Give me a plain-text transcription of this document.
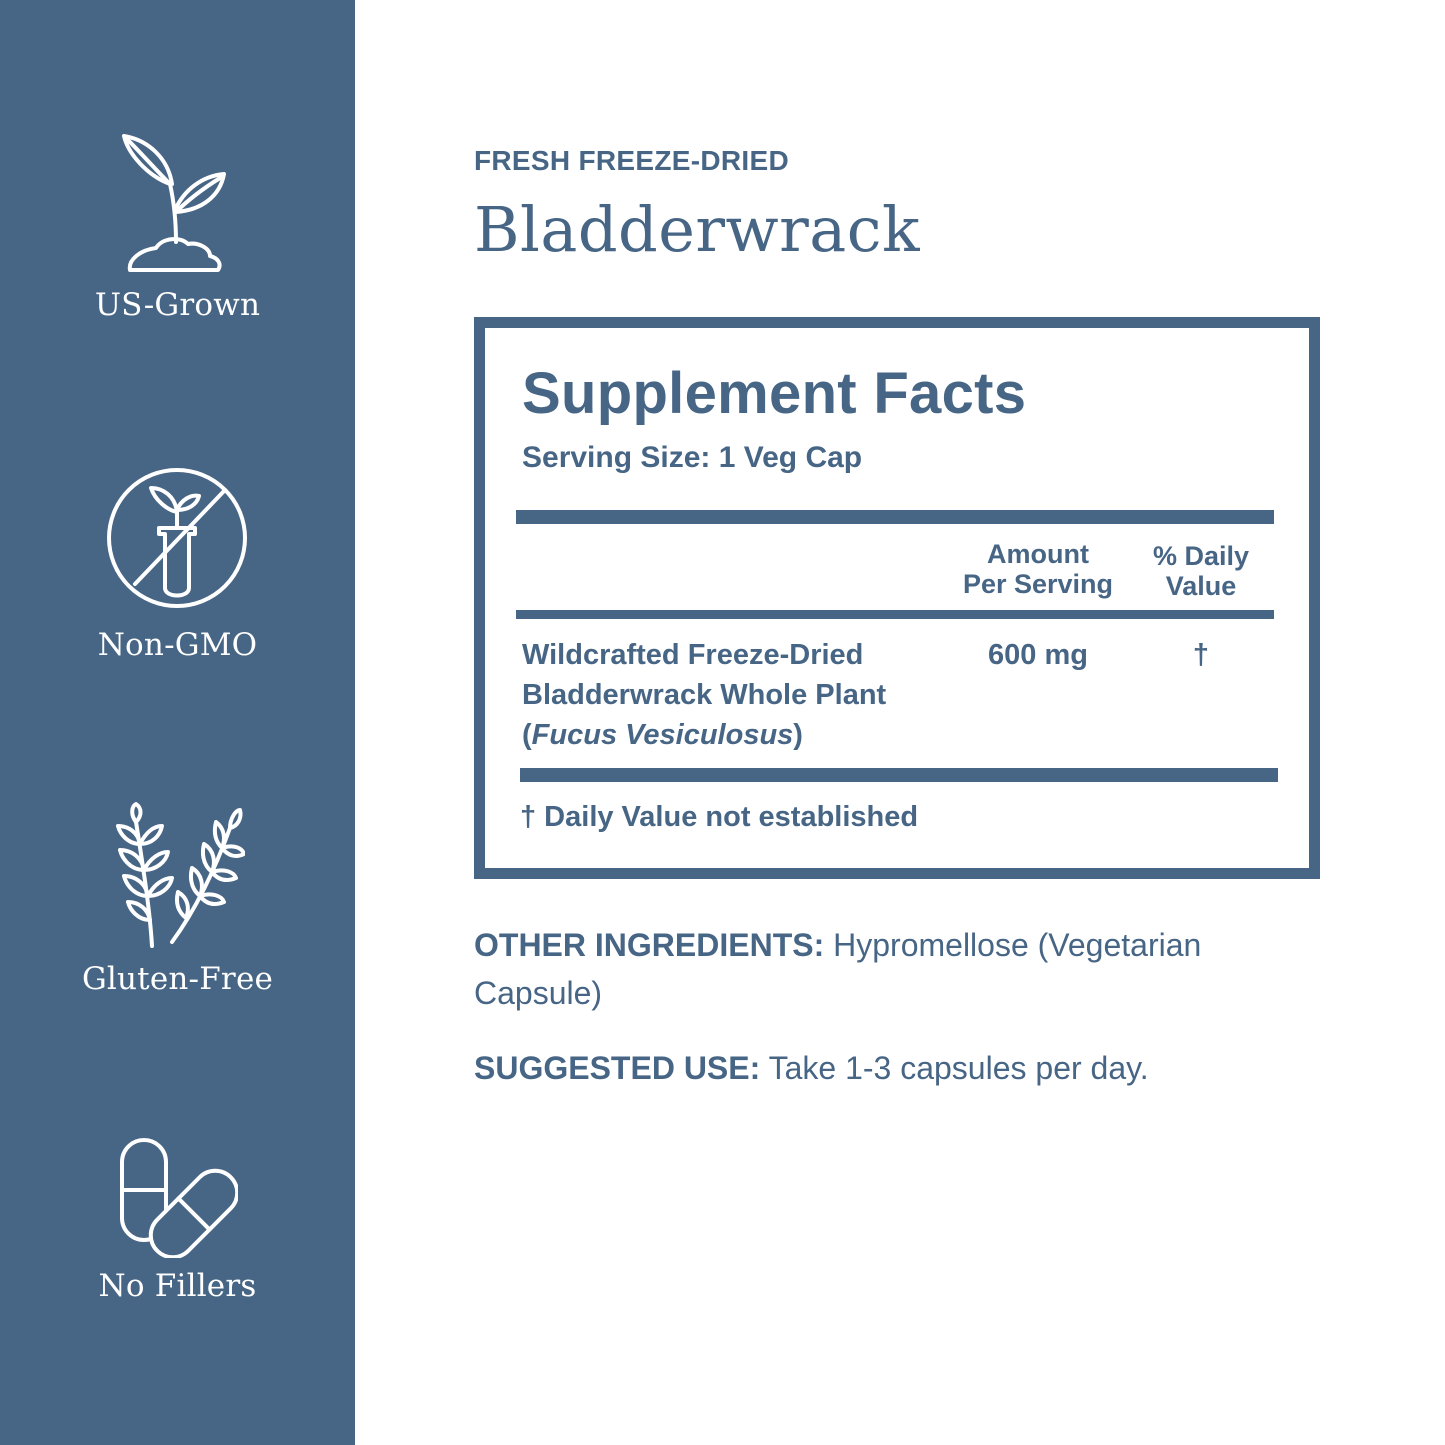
US-Grown
Non-GMO
Gluten-Free
No Fillers
FRESH FREEZE-DRIED
Bladderwrack
Supplement Facts
Serving Size: 1 Veg Cap
Amount
Per Serving
% Daily
Value
Wildcrafted Freeze-Dried
Bladderwrack Whole Plant
(Fucus Vesiculosus)
600 mg	†
† Daily Value not established
OTHER INGREDIENTS: Hypromellose (Vegetarian Capsule)
SUGGESTED USE: Take 1-3 capsules per day.
